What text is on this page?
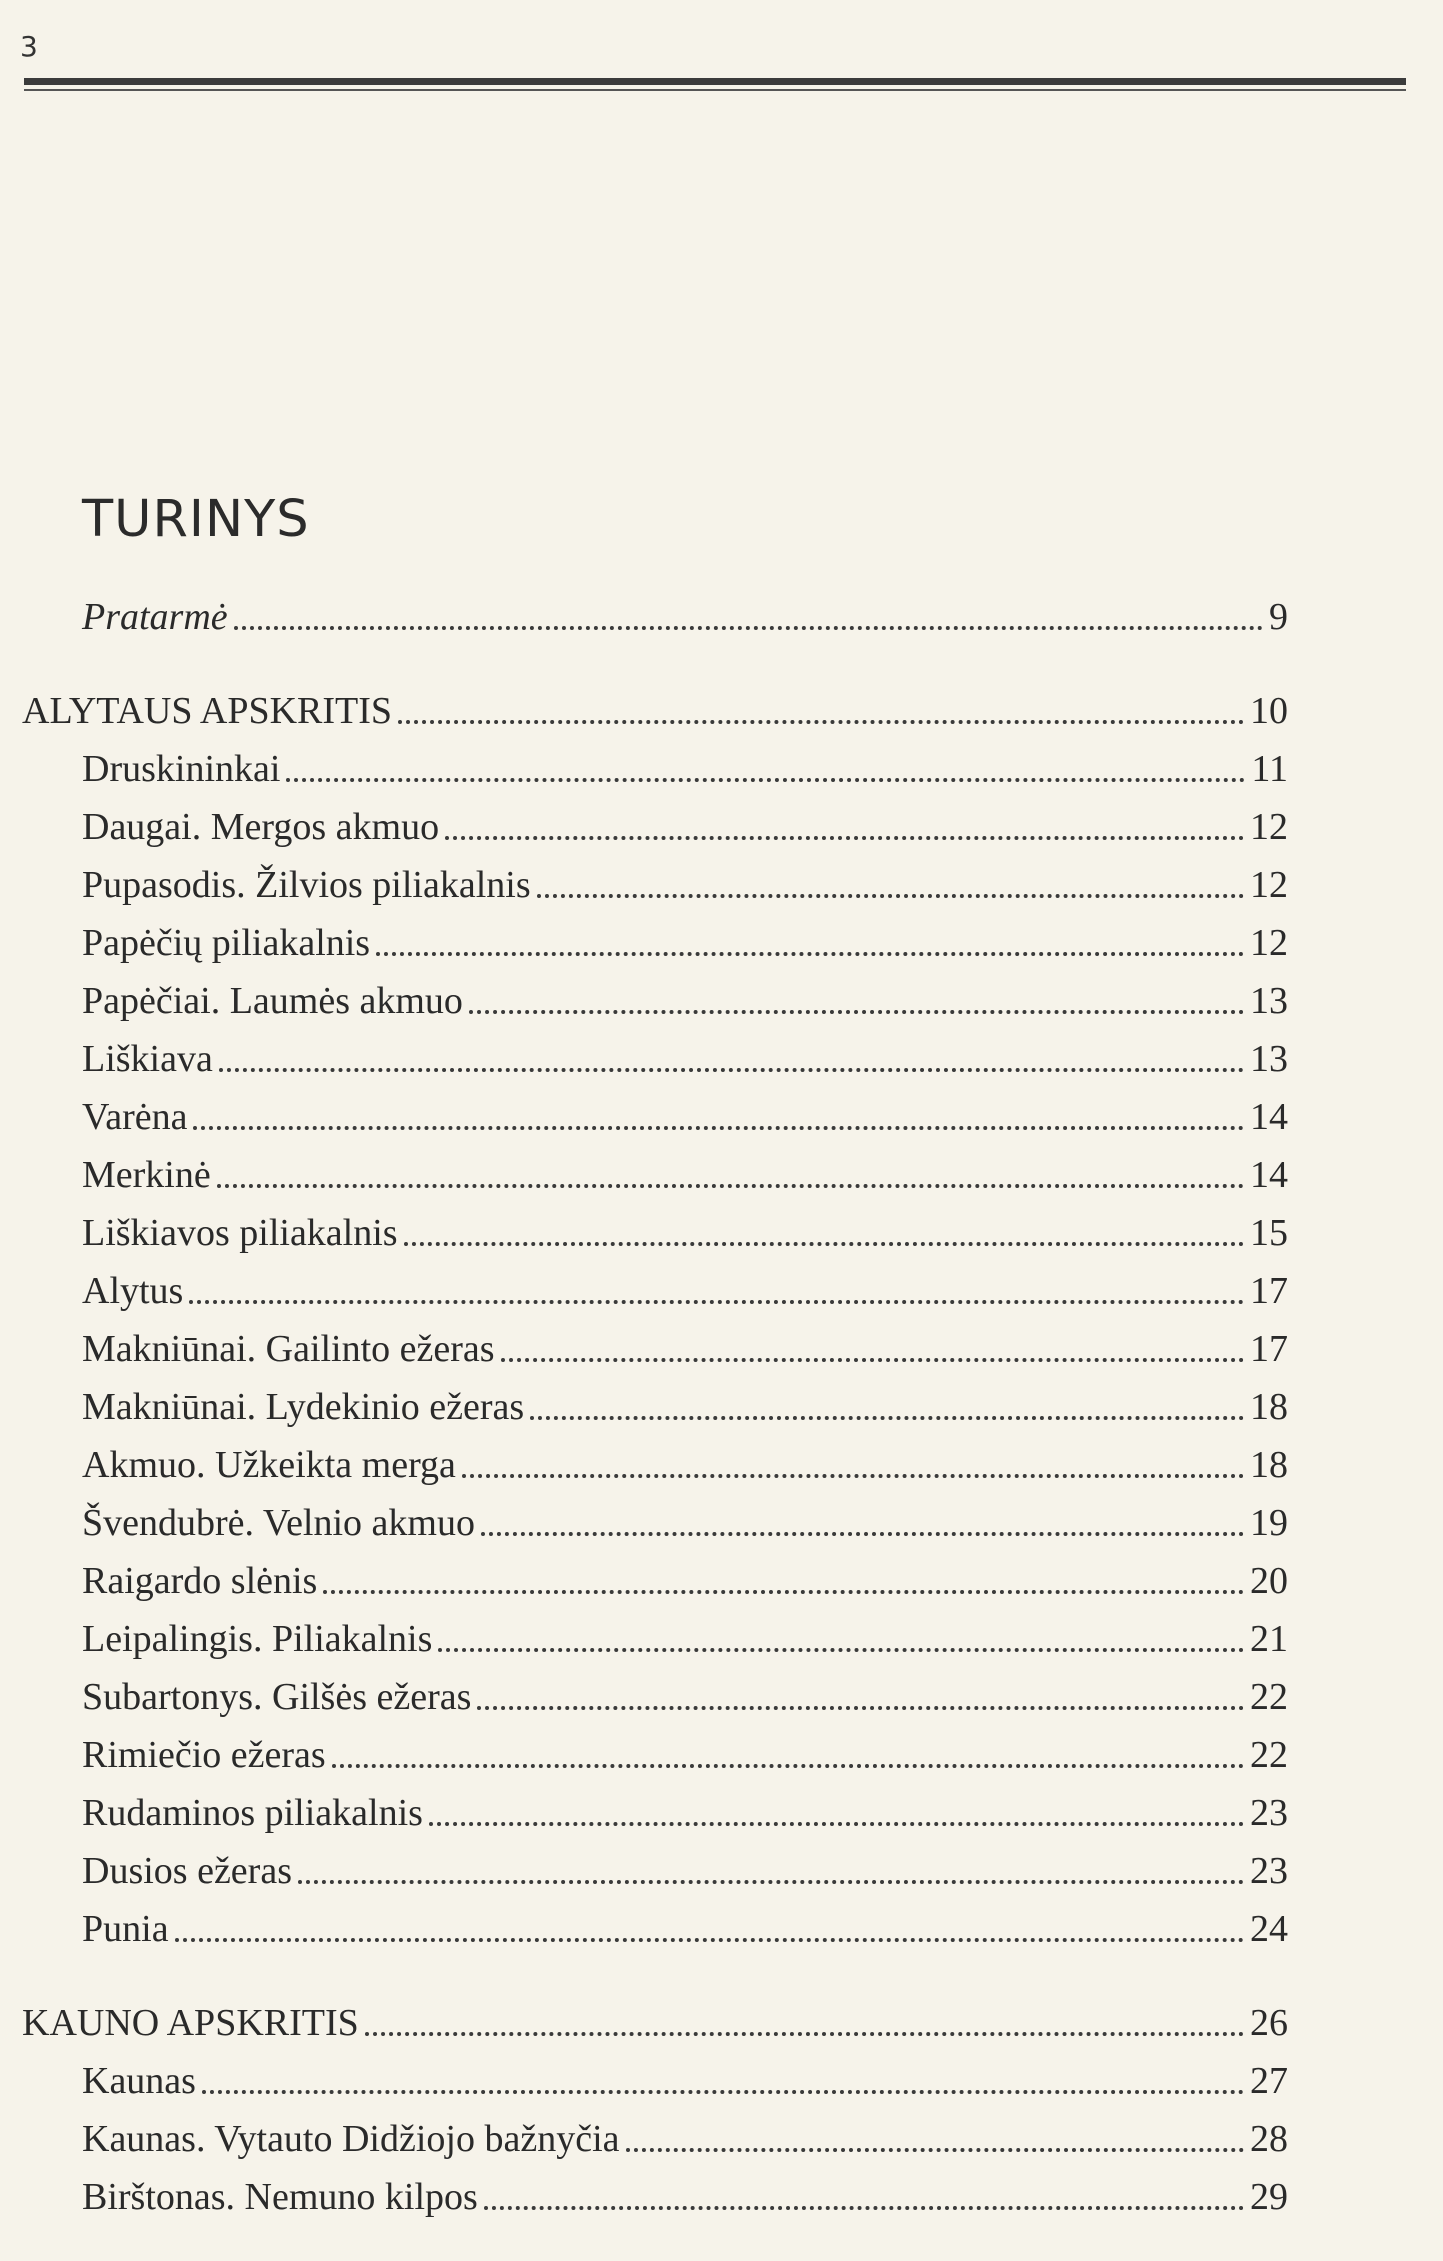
3
TURINYS
Pratarmė	9
ALYTAUS APSKRITIS	10
Druskininkai	11
Daugai. Mergos akmuo	12
Pupasodis. Žilvios piliakalnis	12
Papėčių piliakalnis	12
Papėčiai. Laumės akmuo	13
Liškiava	13
Varėna	14
Merkinė	14
Liškiavos piliakalnis	15
Alytus	17
Makniūnai. Gailinto ežeras	17
Makniūnai. Lydekinio ežeras	18
Akmuo. Užkeikta merga	18
Švendubrė. Velnio akmuo	19
Raigardo slėnis	20
Leipalingis. Piliakalnis	21
Subartonys. Gilšės ežeras	22
Rimiečio ežeras	22
Rudaminos piliakalnis	23
Dusios ežeras	23
Punia	24
KAUNO APSKRITIS	26
Kaunas	27
Kaunas. Vytauto Didžiojo bažnyčia	28
Birštonas. Nemuno kilpos	29
